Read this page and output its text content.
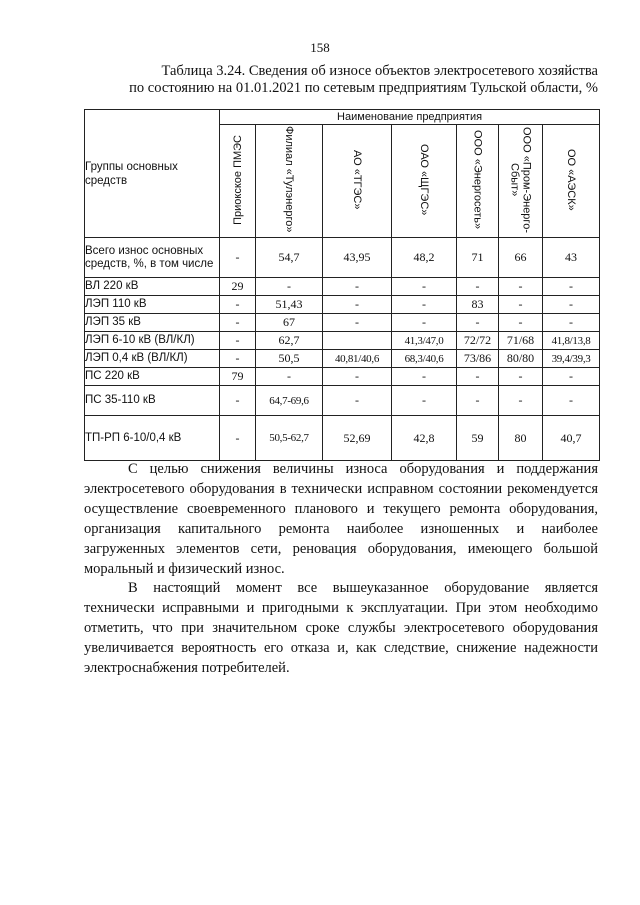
158
Таблица 3.24. Сведения об износе объектов электросетевого хозяйства
по состоянию на 01.01.2021 по сетевым предприятиям Тульской области, %
Группы основных средств	Наименование предприятия						
	Приокское ПМЭС	Филиал «Тулэнерго»	АО «ТГЭС»	ОАО «ЩГЭС»	ООО «Энергосеть»	ООО «Пром-Энерго-Сбыт»	ОО «АЭСК»
Всего износ основных средств, %, в том числе	-	54,7	43,95	48,2	71	66	43
ВЛ 220 кВ	29	-	-	-	-	-	-
ЛЭП 110 кВ	-	51,43	-	-	83	-	-
ЛЭП 35 кВ	-	67	-	-	-	-	-
ЛЭП 6-10 кВ (ВЛ/КЛ)	-	62,7		41,3/47,0	72/72	71/68	41,8/13,8
ЛЭП 0,4 кВ (ВЛ/КЛ)	-	50,5	40,81/40,6	68,3/40,6	73/86	80/80	39,4/39,3
ПС 220 кВ	79	-	-	-	-	-	-
ПС 35-110 кВ	-	64,7-69,6	-	-	-	-	-
ТП-РП 6-10/0,4 кВ	-	50,5-62,7	52,69	42,8	59	80	40,7
С целью снижения величины износа оборудования и поддержания электросетевого оборудования в технически исправном состоянии рекомендуется осуществление своевременного планового и текущего ремонта оборудования, организация капитального ремонта наиболее изношенных и наиболее загруженных элементов сети, реновация оборудования, имеющего большой моральный и физический износ.
В настоящий момент все вышеуказанное оборудование является технически исправными и пригодными к эксплуатации. При этом необходимо отметить, что при значительном сроке службы электросетевого оборудования увеличивается вероятность его отказа и, как следствие, снижение надежности электроснабжения потребителей.
